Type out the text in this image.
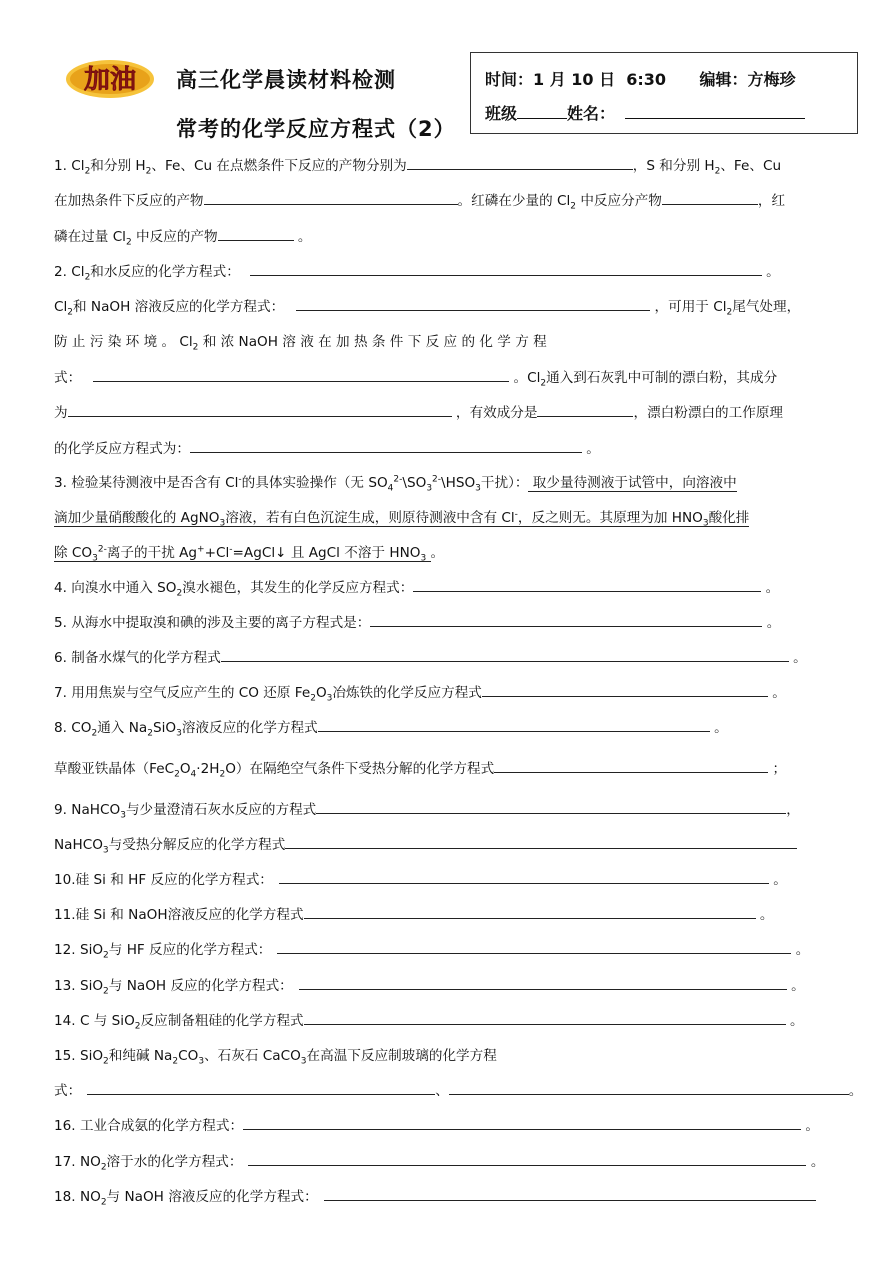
加油 高三化学晨读材料检测
常考的化学反应方程式（2）
时间：1 月 10 日  6:30 编辑：方梅珍
班级	姓名：
1. $Cl_2$和分别 $H_2$、Fe、Cu 在点燃条件下反应的产物分别为	，S 和分别 $H_2$、Fe、Cu
在加热条件下反应的产物	。红磷在少量的 $Cl_2$ 中反应分产物	，红
磷在过量 $Cl_2$ 中反应的产物	。
2. $Cl_2$和水反应的化学方程式：	。
$Cl_2$和 NaOH 溶液反应的化学方程式：	，可用于 $Cl_2$尾气处理，
防 止 污 染 环 境 。 $Cl_2$ 和 浓 NaOH 溶 液 在 加 热 条 件 下 反 应 的 化 学 方 程
式：	。$Cl_2$通入到石灰乳中可制的漂白粉，其成分
为	，有效成分是	，漂白粉漂白的工作原理
的化学反应方程式为：	。
3. 检验某待测液中是否含有 Cl-的具体实验操作（无 $SO_4^{2-}\backslash SO_3^{2-}\backslash HSO_3$干扰）： 取少量待测液于试管中，向溶液中
滴加少量硝酸酸化的 AgNO$_3$溶液，若有白色沉淀生成，则原待测液中含有 Cl-，反之则无。其原理为加 $HNO_3$酸化排
除 $CO_3^{2-}$离子的干扰 Ag++Cl-=AgCl↓ 且 AgCl 不溶于 $HNO_3$ 。
4. 向溴水中通入 $SO_2$溴水褪色，其发生的化学反应方程式：	。
5. 从海水中提取溴和碘的涉及主要的离子方程式是：	。
6. 制备水煤气的化学方程式	。
7. 用用焦炭与空气反应产生的 CO 还原 $Fe_2O_3$冶炼铁的化学反应方程式	。
8. $CO_2$通入 $Na_2SiO_3$溶液反应的化学方程式	。
草酸亚铁晶体$(FeC_2O_4\cdot 2H_2O)$在隔绝空气条件下受热分解的化学方程式	；
9. NaHCO$_3$与少量澄清石灰水反应的方程式	，
NaHCO$_3$与受热分解反应的化学方程式
10.硅 Si 和 HF 反应的化学方程式：	。
11.硅 Si 和 NaOH溶液反应的化学方程式	。
12. SiO$_2$与 HF 反应的化学方程式：	。
13. SiO$_2$与 NaOH 反应的化学方程式：	。
14. C 与 SiO$_2$反应制备粗硅的化学方程式	。
15. SiO$_2$和纯碱 $Na_2CO_3$、石灰石 CaCO$_3$在高温下反应制玻璃的化学方程
式：	、	。
16. 工业合成氨的化学方程式：	。
17. $NO_2$溶于水的化学方程式：	。
18. $NO_2$与 NaOH 溶液反应的化学方程式：
